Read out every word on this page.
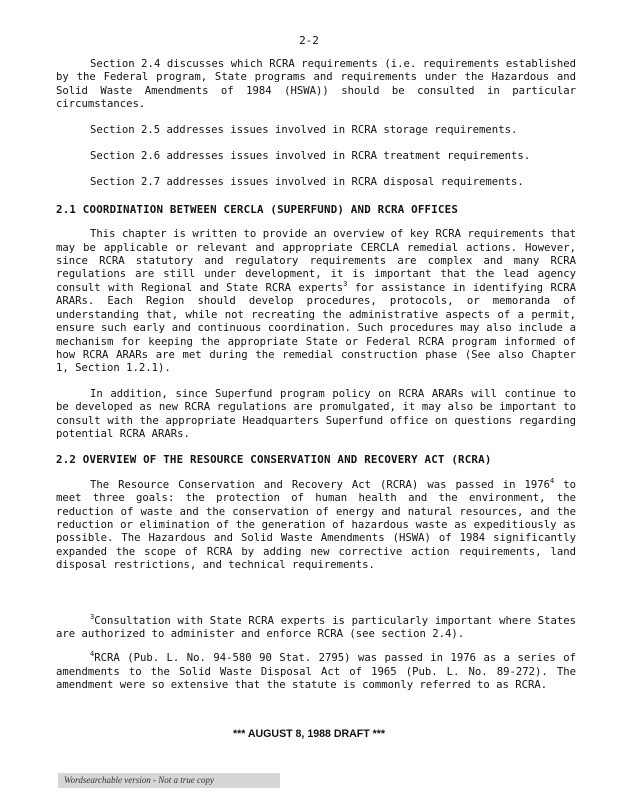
2-2

Section 2.4 discusses which RCRA requirements (i.e. requirements established by the Federal program, State programs and requirements under the Hazardous and Solid Waste Amendments of 1984 (HSWA)) should be consulted in particular circumstances.

Section 2.5 addresses issues involved in RCRA storage requirements.

Section 2.6 addresses issues involved in RCRA treatment requirements.

Section 2.7 addresses issues involved in RCRA disposal requirements.

2.1 COORDINATION BETWEEN CERCLA (SUPERFUND) AND RCRA OFFICES

This chapter is written to provide an overview of key RCRA requirements that may be applicable or relevant and appropriate CERCLA remedial actions. However, since RCRA statutory and regulatory requirements are complex and many RCRA regulations are still under development, it is important that the lead agency consult with Regional and State RCRA experts$^3$ for assistance in identifying RCRA ARARs. Each Region should develop procedures, protocols, or memoranda of understanding that, while not recreating the administrative aspects of a permit, ensure such early and continuous coordination. Such procedures may also include a mechanism for keeping the appropriate State or Federal RCRA program informed of how RCRA ARARs are met during the remedial construction phase (See also Chapter 1, Section 1.2.1).

In addition, since Superfund program policy on RCRA ARARs will continue to be developed as new RCRA regulations are promulgated, it may also be important to consult with the appropriate Headquarters Superfund office on questions regarding potential RCRA ARARs.

2.2 OVERVIEW OF THE RESOURCE CONSERVATION AND RECOVERY ACT (RCRA)

The Resource Conservation and Recovery Act (RCRA) was passed in 1976$^4$ to meet three goals: the protection of human health and the environment, the reduction of waste and the conservation of energy and natural resources, and the reduction or elimination of the generation of hazardous waste as expeditiously as possible. The Hazardous and Solid Waste Amendments (HSWA) of 1984 significantly expanded the scope of RCRA by adding new corrective action requirements, land disposal restrictions, and technical requirements.

$^3$Consultation with State RCRA experts is particularly important where States are authorized to administer and enforce RCRA (see section 2.4).

$^4$RCRA (Pub. L. No. 94-580 90 Stat. 2795) was passed in 1976 as a series of amendments to the Solid Waste Disposal Act of 1965 (Pub. L. No. 89-272). The amendment were so extensive that the statute is commonly referred to as RCRA.

*** AUGUST 8, 1988 DRAFT ***
Wordsearchable version - Not a true copy
